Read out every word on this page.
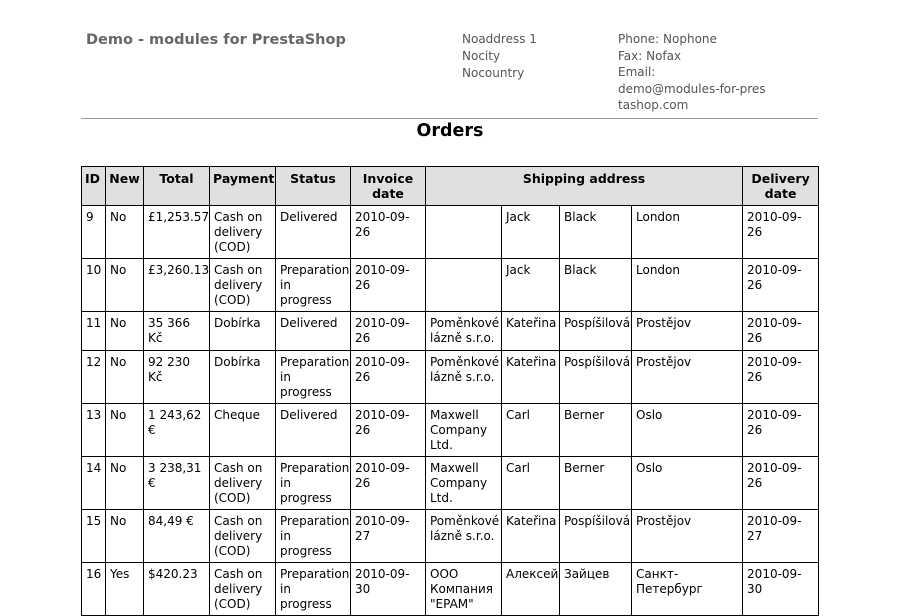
Demo - modules for PrestaShop	Noaddress 1
Nocity
Nocountry
Phone: Nophone
Fax: Nofax
Email:
demo@modules-for-prestashop.com
Orders
ID	New	Total	Payment	Status	Invoice date	Shipping address				Delivery date
9	No	£1,253.57	Cash on delivery (COD)	Delivered	2010-09-26		Jack	Black	London	2010-09-26
10	No	£3,260.13	Cash on delivery (COD)	Preparation in progress	2010-09-26		Jack	Black	London	2010-09-26
11	No	35 366 Kč	Dobírka	Delivered	2010-09-26	Poměnkové lázně s.r.o.	Kateřina	Pospíšilová	Prostějov	2010-09-26
12	No	92 230 Kč	Dobírka	Preparation in progress	2010-09-26	Poměnkové lázně s.r.o.	Kateřina	Pospíšilová	Prostějov	2010-09-26
13	No	1 243,62 €	Cheque	Delivered	2010-09-26	Maxwell Company Ltd.	Carl	Berner	Oslo	2010-09-26
14	No	3 238,31 €	Cash on delivery (COD)	Preparation in progress	2010-09-26	Maxwell Company Ltd.	Carl	Berner	Oslo	2010-09-26
15	No	84,49 €	Cash on delivery (COD)	Preparation in progress	2010-09-27	Poměnkové lázně s.r.o.	Kateřina	Pospíšilová	Prostějov	2010-09-27
16	Yes	$420.23	Cash on delivery (COD)	Preparation in progress	2010-09-30	ООО Компания "EPAM"	Алексей	Зайцев	Санкт-Петербург	2010-09-30
